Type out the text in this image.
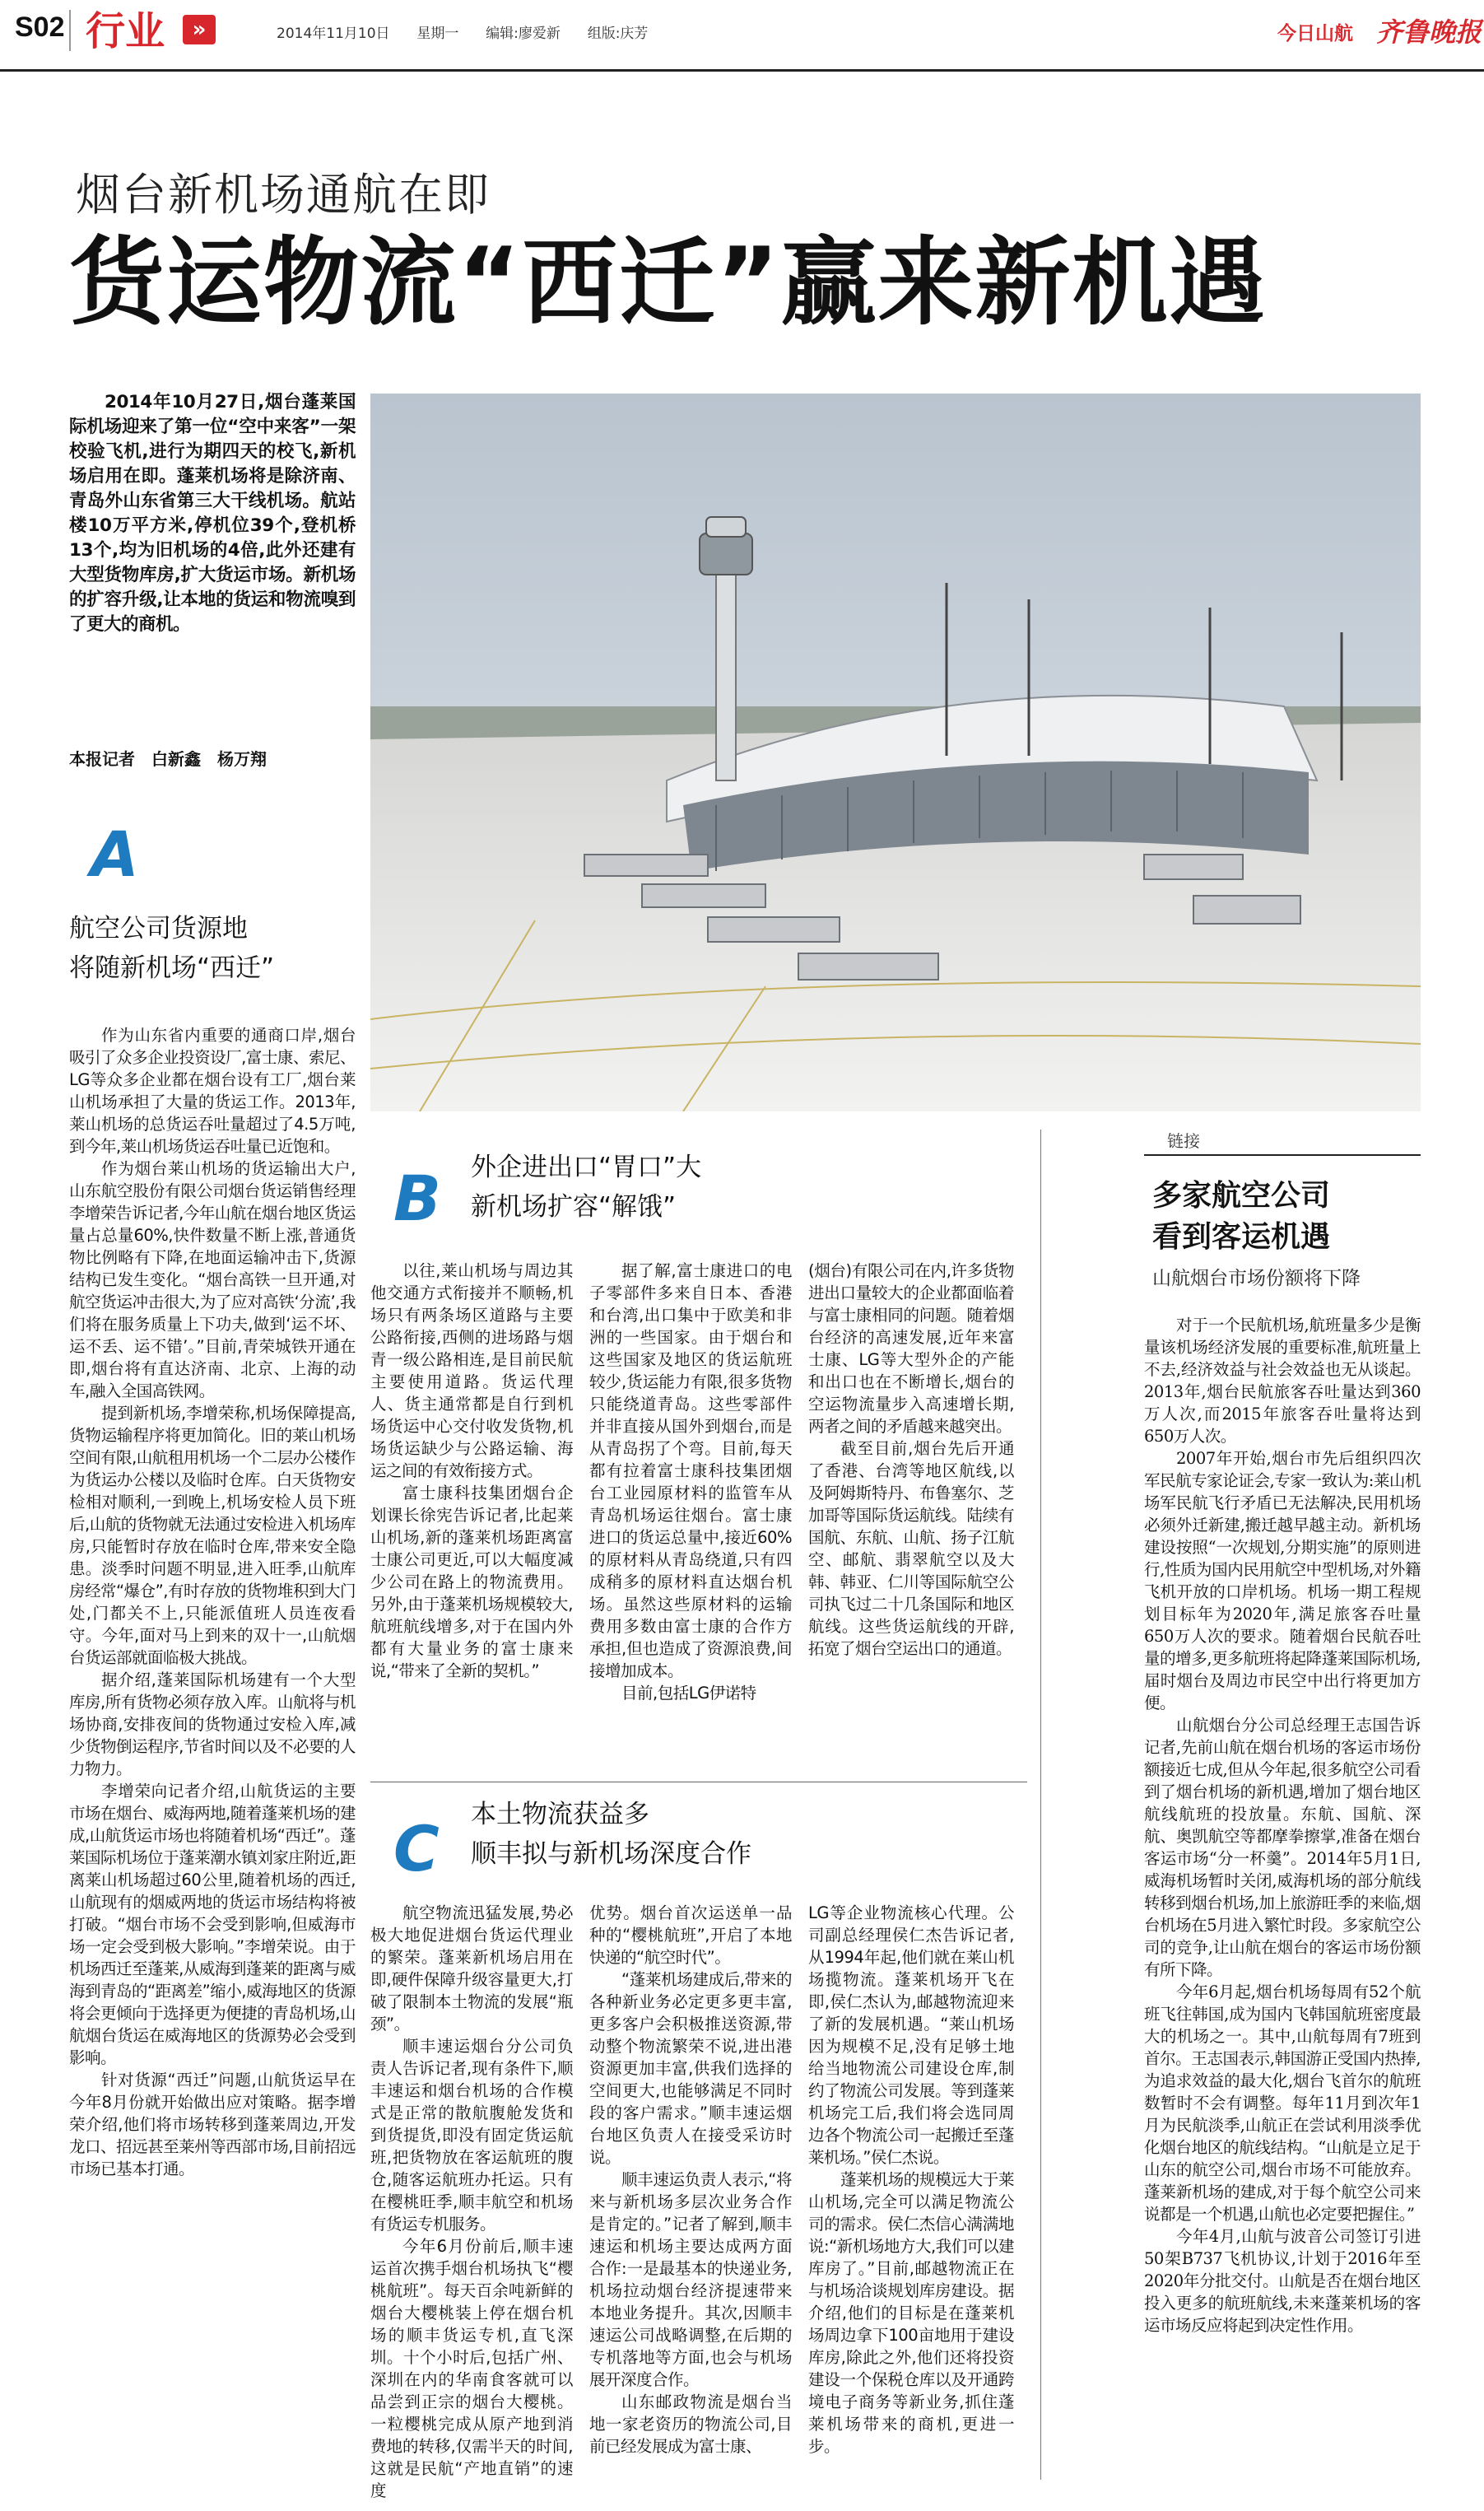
S02 行业	»	2014年11月10日 星期一 编辑:廖爱新 组版:庆芳	今日山航 齐鲁晚报
烟台新机场通航在即
货运物流“西迁”赢来新机遇

2014年10月27日,烟台蓬莱国际机场迎来了第一位“空中来客”一架校验飞机,进行为期四天的校飞,新机场启用在即。蓬莱机场将是除济南、青岛外山东省第三大干线机场。航站楼10万平方米,停机位39个,登机桥13个,均为旧机场的4倍,此外还建有大型货物库房,扩大货运市场。新机场的扩容升级,让本地的货运和物流嗅到了更大的商机。

本报记者　白新鑫　杨万翔
A
航空公司货源地
将随新机场“西迁”

作为山东省内重要的通商口岸,烟台吸引了众多企业投资设厂,富士康、索尼、LG等众多企业都在烟台设有工厂,烟台莱山机场承担了大量的货运工作。2013年,莱山机场的总货运吞吐量超过了4.5万吨,到今年,莱山机场货运吞吐量已近饱和。

作为烟台莱山机场的货运输出大户,山东航空股份有限公司烟台货运销售经理李增荣告诉记者,今年山航在烟台地区货运量占总量60%,快件数量不断上涨,普通货物比例略有下降,在地面运输冲击下,货源结构已发生变化。“烟台高铁一旦开通,对航空货运冲击很大,为了应对高铁‘分流’,我们将在服务质量上下功夫,做到‘运不坏、运不丢、运不错’。”目前,青荣城铁开通在即,烟台将有直达济南、北京、上海的动车,融入全国高铁网。

提到新机场,李增荣称,机场保障提高,货物运输程序将更加简化。旧的莱山机场空间有限,山航租用机场一个二层办公楼作为货运办公楼以及临时仓库。白天货物安检相对顺利,一到晚上,机场安检人员下班后,山航的货物就无法通过安检进入机场库房,只能暂时存放在临时仓库,带来安全隐患。淡季时问题不明显,进入旺季,山航库房经常“爆仓”,有时存放的货物堆积到大门处,门都关不上,只能派值班人员连夜看守。今年,面对马上到来的双十一,山航烟台货运部就面临极大挑战。

据介绍,蓬莱国际机场建有一个大型库房,所有货物必须存放入库。山航将与机场协商,安排夜间的货物通过安检入库,减少货物倒运程序,节省时间以及不必要的人力物力。

李增荣向记者介绍,山航货运的主要市场在烟台、威海两地,随着蓬莱机场的建成,山航货运市场也将随着机场“西迁”。蓬莱国际机场位于蓬莱潮水镇刘家庄附近,距离莱山机场超过60公里,随着机场的西迁,山航现有的烟威两地的货运市场结构将被打破。“烟台市场不会受到影响,但威海市场一定会受到极大影响。”李增荣说。由于机场西迁至蓬莱,从威海到蓬莱的距离与威海到青岛的“距离差”缩小,威海地区的货源将会更倾向于选择更为便捷的青岛机场,山航烟台货运在威海地区的货源势必会受到影响。

针对货源“西迁”问题,山航货运早在今年8月份就开始做出应对策略。据李增荣介绍,他们将市场转移到蓬莱周边,开发龙口、招远甚至莱州等西部市场,目前招远市场已基本打通。

B 外企进出口“胃口”大
新机场扩容“解饿”

以往,莱山机场与周边其他交通方式衔接并不顺畅,机场只有两条场区道路与主要公路衔接,西侧的进场路与烟青一级公路相连,是目前民航主要使用道路。货运代理人、货主通常都是自行到机场货运中心交付收发货物,机场货运缺少与公路运输、海运之间的有效衔接方式。

富士康科技集团烟台企划课长徐宪告诉记者,比起莱山机场,新的蓬莱机场距离富士康公司更近,可以大幅度减少公司在路上的物流费用。另外,由于蓬莱机场规模较大,航班航线增多,对于在国内外都有大量业务的富士康来说,“带来了全新的契机。”

据了解,富士康进口的电子零部件多来自日本、香港和台湾,出口集中于欧美和非洲的一些国家。由于烟台和这些国家及地区的货运航班较少,货运能力有限,很多货物只能绕道青岛。这些零部件并非直接从国外到烟台,而是从青岛拐了个弯。目前,每天都有拉着富士康科技集团烟台工业园原材料的监管车从青岛机场运往烟台。富士康进口的货运总量中,接近60%的原材料从青岛绕道,只有四成稍多的原材料直达烟台机场。虽然这些原材料的运输费用多数由富士康的合作方承担,但也造成了资源浪费,间接增加成本。

目前,包括LG伊诺特

(烟台)有限公司在内,许多货物进出口量较大的企业都面临着与富士康相同的问题。随着烟台经济的高速发展,近年来富士康、LG等大型外企的产能和出口也在不断增长,烟台的空运物流量步入高速增长期,两者之间的矛盾越来越突出。

截至目前,烟台先后开通了香港、台湾等地区航线,以及阿姆斯特丹、布鲁塞尔、芝加哥等国际货运航线。陆续有国航、东航、山航、扬子江航空、邮航、翡翠航空以及大韩、韩亚、仁川等国际航空公司执飞过二十几条国际和地区航线。这些货运航线的开辟,拓宽了烟台空运出口的通道。

C 本土物流获益多
顺丰拟与新机场深度合作

航空物流迅猛发展,势必极大地促进烟台货运代理业的繁荣。蓬莱新机场启用在即,硬件保障升级容量更大,打破了限制本土物流的发展“瓶颈”。

顺丰速运烟台分公司负责人告诉记者,现有条件下,顺丰速运和烟台机场的合作模式是正常的散航腹舱发货和到货提货,即没有固定货运航班,把货物放在客运航班的腹仓,随客运航班办托运。只有在樱桃旺季,顺丰航空和机场有货运专机服务。

今年6月份前后,顺丰速运首次携手烟台机场执飞“樱桃航班”。每天百余吨新鲜的烟台大樱桃装上停在烟台机场的顺丰货运专机,直飞深圳。十个小时后,包括广州、深圳在内的华南食客就可以品尝到正宗的烟台大樱桃。一粒樱桃完成从原产地到消费地的转移,仅需半天的时间,这就是民航“产地直销”的速度

优势。烟台首次运送单一品种的“樱桃航班”,开启了本地快递的“航空时代”。

“蓬莱机场建成后,带来的各种新业务必定更多更丰富,更多客户会积极推送资源,带动整个物流繁荣不说,进出港资源更加丰富,供我们选择的空间更大,也能够满足不同时段的客户需求。”顺丰速运烟台地区负责人在接受采访时说。

顺丰速运负责人表示,“将来与新机场多层次业务合作是肯定的。”记者了解到,顺丰速运和机场主要达成两方面合作:一是最基本的快递业务,机场拉动烟台经济提速带来本地业务提升。其次,因顺丰速运公司战略调整,在后期的专机落地等方面,也会与机场展开深度合作。

山东邮政物流是烟台当地一家老资历的物流公司,目前已经发展成为富士康、

LG等企业物流核心代理。公司副总经理侯仁杰告诉记者,从1994年起,他们就在莱山机场揽物流。蓬莱机场开飞在即,侯仁杰认为,邮越物流迎来了新的发展机遇。“莱山机场因为规模不足,没有足够土地给当地物流公司建设仓库,制约了物流公司发展。等到蓬莱机场完工后,我们将会选同周边各个物流公司一起搬迁至蓬莱机场。”侯仁杰说。

蓬莱机场的规模远大于莱山机场,完全可以满足物流公司的需求。侯仁杰信心满满地说:“新机场地方大,我们可以建库房了。”目前,邮越物流正在与机场洽谈规划库房建设。据介绍,他们的目标是在蓬莱机场周边拿下100亩地用于建设库房,除此之外,他们还将投资建设一个保税仓库以及开通跨境电子商务等新业务,抓住蓬莱机场带来的商机,更进一步。

链接
多家航空公司
看到客运机遇
山航烟台市场份额将下降

对于一个民航机场,航班量多少是衡量该机场经济发展的重要标准,航班量上不去,经济效益与社会效益也无从谈起。2013年,烟台民航旅客吞吐量达到360万人次,而2015年旅客吞吐量将达到650万人次。

2007年开始,烟台市先后组织四次军民航专家论证会,专家一致认为:莱山机场军民航飞行矛盾已无法解决,民用机场必须外迁新建,搬迁越早越主动。新机场建设按照“一次规划,分期实施”的原则进行,性质为国内民用航空中型机场,对外籍飞机开放的口岸机场。机场一期工程规划目标年为2020年,满足旅客吞吐量650万人次的要求。随着烟台民航吞吐量的增多,更多航班将起降蓬莱国际机场,届时烟台及周边市民空中出行将更加方便。

山航烟台分公司总经理王志国告诉记者,先前山航在烟台机场的客运市场份额接近七成,但从今年起,很多航空公司看到了烟台机场的新机遇,增加了烟台地区航线航班的投放量。东航、国航、深航、奥凯航空等都摩拳擦掌,准备在烟台客运市场“分一杯羹”。2014年5月1日,威海机场暂时关闭,威海机场的部分航线转移到烟台机场,加上旅游旺季的来临,烟台机场在5月进入繁忙时段。多家航空公司的竞争,让山航在烟台的客运市场份额有所下降。

今年6月起,烟台机场每周有52个航班飞往韩国,成为国内飞韩国航班密度最大的机场之一。其中,山航每周有7班到首尔。王志国表示,韩国游正受国内热捧,为追求效益的最大化,烟台飞首尔的航班数暂时不会有调整。每年11月到次年1月为民航淡季,山航正在尝试利用淡季优化烟台地区的航线结构。“山航是立足于山东的航空公司,烟台市场不可能放弃。蓬莱新机场的建成,对于每个航空公司来说都是一个机遇,山航也必定要把握住。”

今年4月,山航与波音公司签订引进50架B737飞机协议,计划于2016年至2020年分批交付。山航是否在烟台地区投入更多的航班航线,未来蓬莱机场的客运市场反应将起到决定性作用。
